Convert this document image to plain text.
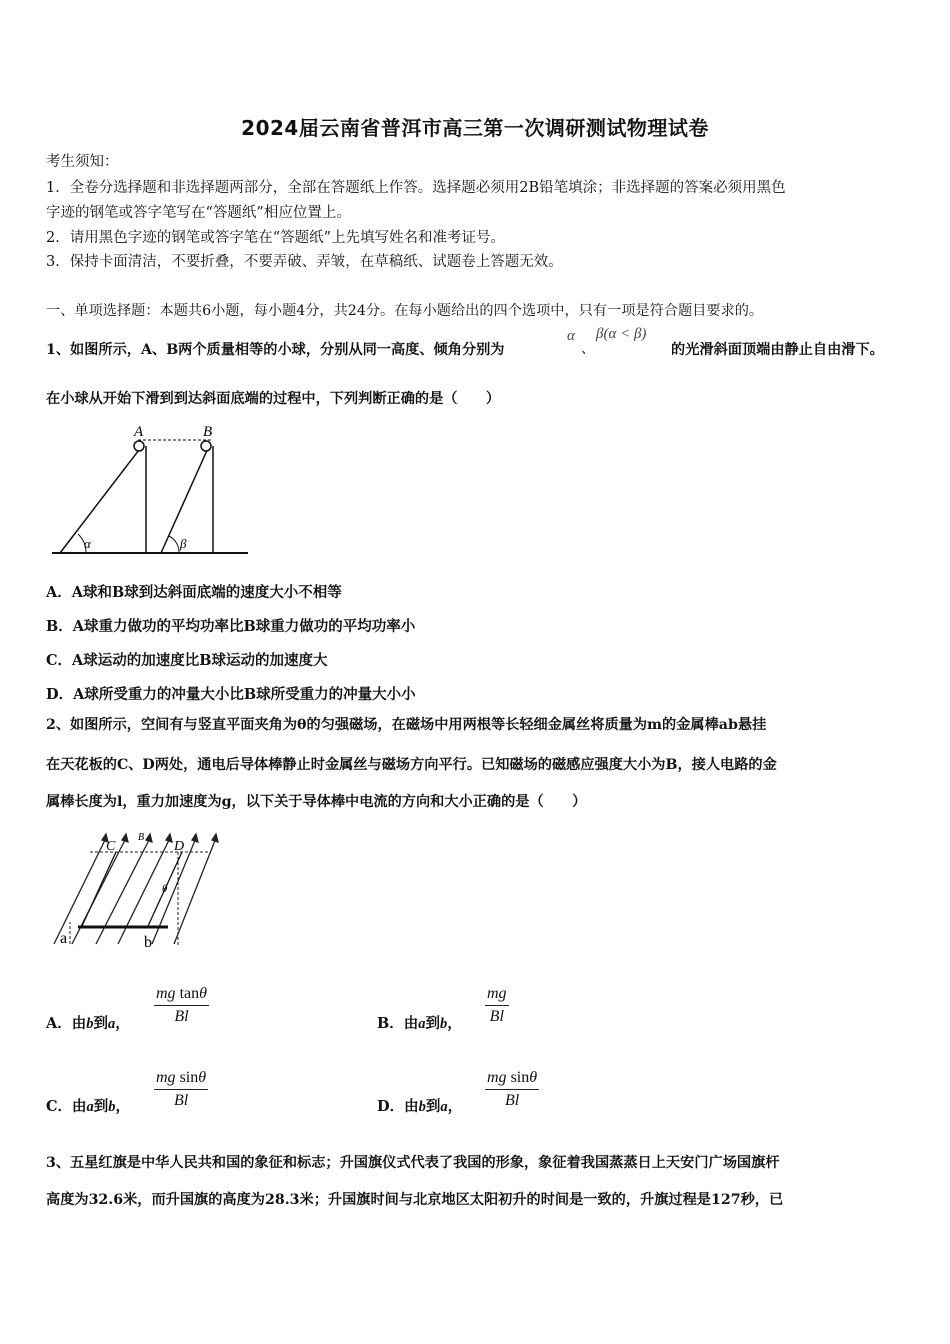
2024届云南省普洱市高三第一次调研测试物理试卷
考生须知：
1．全卷分选择题和非选择题两部分，全部在答题纸上作答。选择题必须用2B铅笔填涂；非选择题的答案必须用黑色
字迹的钢笔或答字笔写在“答题纸”相应位置上。
2．请用黑色字迹的钢笔或答字笔在“答题纸”上先填写姓名和准考证号。
3．保持卡面清洁，不要折叠，不要弄破、弄皱，在草稿纸、试题卷上答题无效。
一、单项选择题：本题共6小题，每小题4分，共24分。在每小题给出的四个选项中，只有一项是符合题目要求的。
1、如图所示，A、B两个质量相等的小球，分别从同一高度、倾角分别为
α
、
β(α < β)
的光滑斜面顶端由静止自由滑下。
在小球从开始下滑到到达斜面底端的过程中，下列判断正确的是（　　）
A	B
α	β
A．A球和B球到达斜面底端的速度大小不相等
B．A球重力做功的平均功率比B球重力做功的平均功率小
C．A球运动的加速度比B球运动的加速度大
D．A球所受重力的冲量大小比B球所受重力的冲量大小小
2、如图所示，空间有与竖直平面夹角为θ的匀强磁场，在磁场中用两根等长轻细金属丝将质量为m的金属棒ab悬挂
在天花板的C、D两处，通电后导体棒静止时金属丝与磁场方向平行。已知磁场的磁感应强度大小为B，接人电路的金
属棒长度为l，重力加速度为g，以下关于导体棒中电流的方向和大小正确的是（　　）
C	D
B
θ
a	b
A．由b到a， $\frac{\text{mg tanθ}}{Bl}$	B．由a到b， $\frac{mg}{Bl}$
C．由a到b， $\frac{\text{mg sinθ}}{Bl}$	D．由b到a， $\frac{\text{mg sinθ}}{Bl}$
3、五星红旗是中华人民共和国的象征和标志；升国旗仪式代表了我国的形象，象征着我国蒸蒸日上天安门广场国旗杆
高度为32.6米，而升国旗的高度为28.3米；升国旗时间与北京地区太阳初升的时间是一致的，升旗过程是127秒，已
